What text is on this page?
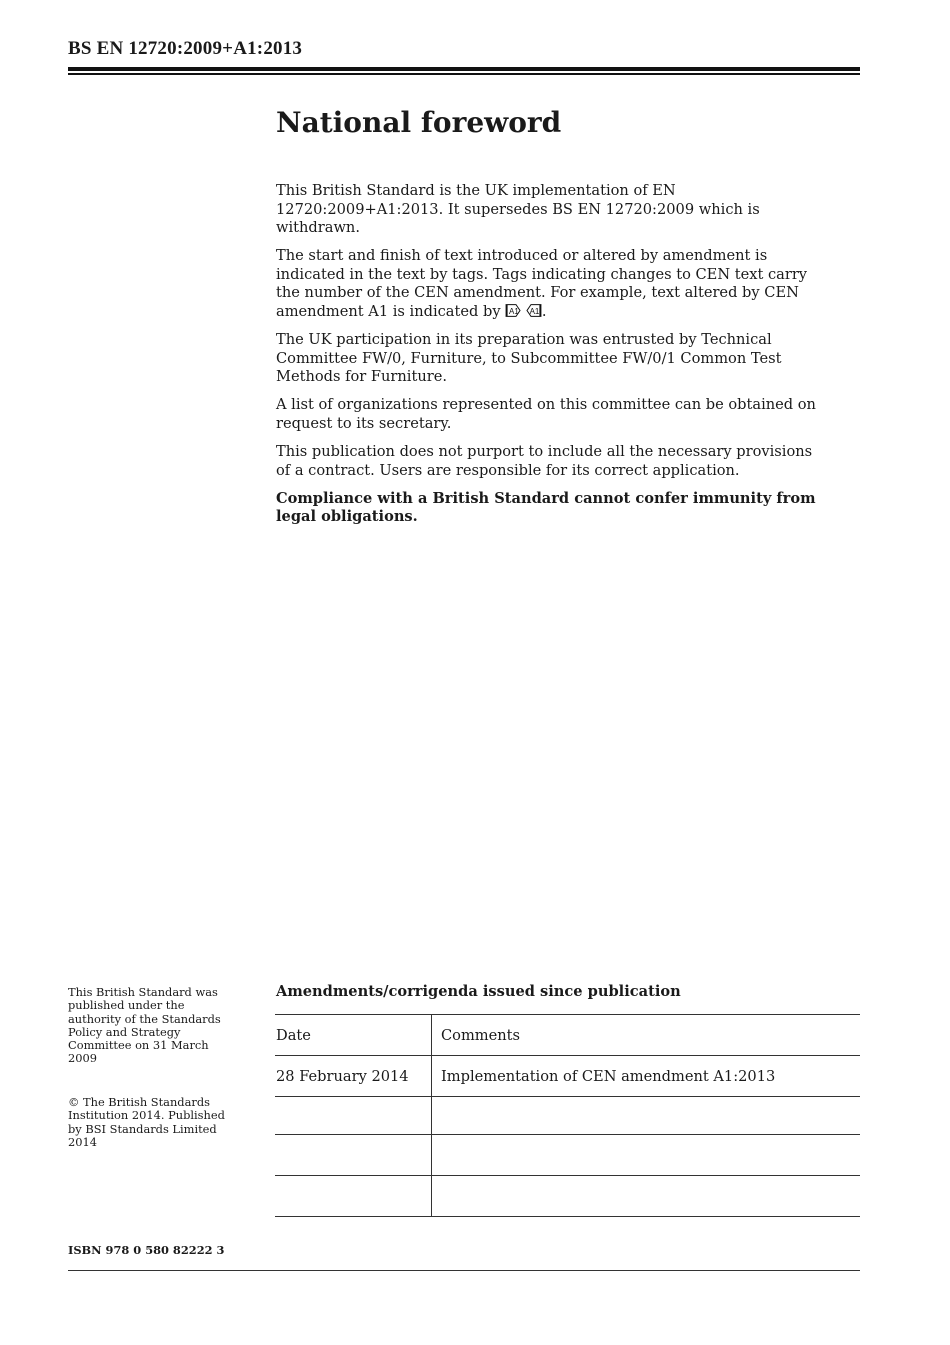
BS EN 12720:2009+A1:2013
National foreword

This British Standard is the UK implementation of EN 12720:2009+A1:2013. It supersedes BS EN 12720:2009 which is withdrawn.

The start and finish of text introduced or altered by amendment is indicated in the text by tags. Tags indicating changes to CEN text carry the number of the CEN amendment. For example, text altered by CEN amendment A1 is indicated by A1
A1 .

The UK participation in its preparation was entrusted by Technical Committee FW/0, Furniture, to Subcommittee FW/0/1 Common Test Methods for Furniture.

A list of organizations represented on this committee can be obtained on request to its secretary.

This publication does not purport to include all the necessary provisions of a contract. Users are responsible for its correct application.

Compliance with a British Standard cannot confer immunity from legal obligations.

This British Standard was published under the authority of the Standards Policy and Strategy Committee on 31 March 2009
© The British Standards Institution 2014. Published by BSI Standards Limited 2014
Amendments/corrigenda issued since publication
Date	Comments
28 February 2014	Implementation of CEN amendment A1:2013

ISBN 978 0 580 82222 3
